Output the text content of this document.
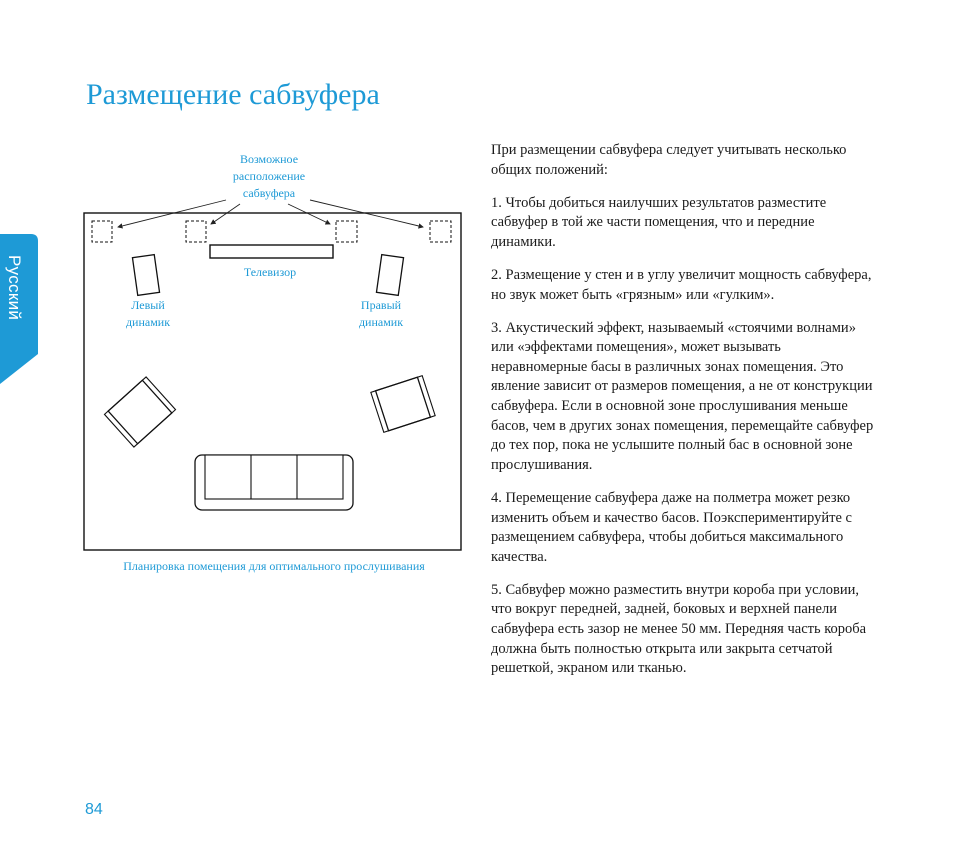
Размещение сабвуфера
Русский
Возможное
расположение
сабвуфера
Телевизор
Левый
динамик
Правый
динамик
Планировка помещения для оптимального прослушивания

При размещении сабвуфера следует учитывать несколько общих положений:

1. Чтобы добиться наилучших результатов разместите сабвуфер в той же части помещения, что и передние динамики.

2. Размещение у стен и в углу увеличит мощность сабвуфера, но звук может быть «грязным» или «гулким».

3. Акустический эффект, называемый «стоячими волнами» или «эффектами помещения», может вызывать неравномерные басы в различных зонах помещения. Это явление зависит от размеров помещения, а не от конструкции сабвуфера. Если в основной зоне прослушивания меньше басов, чем в других зонах помещения, перемещайте сабвуфер до тех пор, пока не услышите полный бас в основной зоне прослушивания.

4. Перемещение сабвуфера даже на полметра может резко изменить объем и качество басов. Поэкспериментируйте с размещением сабвуфера, чтобы добиться максимального качества.

5. Сабвуфер можно разместить внутри короба при условии, что вокруг передней, задней, боковых и верхней панели сабвуфера есть зазор не менее 50 мм. Передняя часть короба должна быть полностью открыта или закрыта сетчатой решеткой, экраном или тканью.

84
